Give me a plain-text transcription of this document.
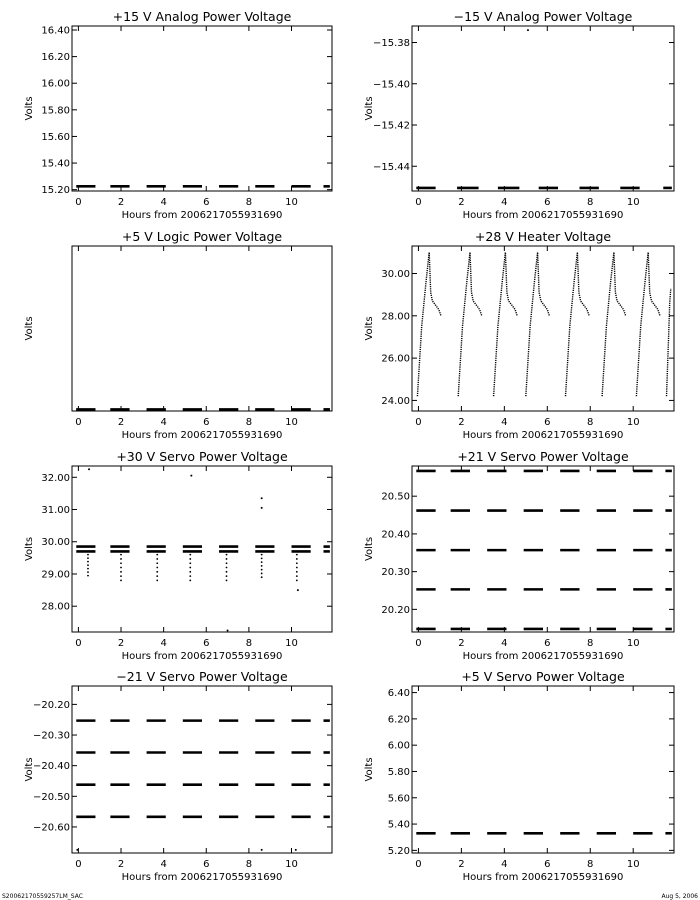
+15 V Analog Power Voltage
0	2	4	6	8	10
15.20
15.40
15.60
15.80
16.00
16.20
16.40
Hours from 2006217055931690
Volts
−15 V Analog Power Voltage
0	2	4	6	8	10
−15.44
−15.42
−15.40
−15.38
Hours from 2006217055931690
Volts
+5 V Logic Power Voltage
0	2	4	6	8	10
Hours from 2006217055931690
Volts
+28 V Heater Voltage
0	2	4	6	8	10
24.00
26.00
28.00
30.00
Hours from 2006217055931690
Volts
+30 V Servo Power Voltage
0	2	4	6	8	10
28.00
29.00
30.00
31.00
32.00
Hours from 2006217055931690
Volts
+21 V Servo Power Voltage
0	2	4	6	8	10
20.20
20.30
20.40
20.50
Hours from 2006217055931690
Volts
−21 V Servo Power Voltage
0	2	4	6	8	10
−20.60
−20.50
−20.40
−20.30
−20.20
Hours from 2006217055931690
Volts
+5 V Servo Power Voltage
0	2	4	6	8	10
5.20
5.40
5.60
5.80
6.00
6.20
6.40
Hours from 2006217055931690
Volts
S20062170559257LM_SAC	Aug 5, 2006
